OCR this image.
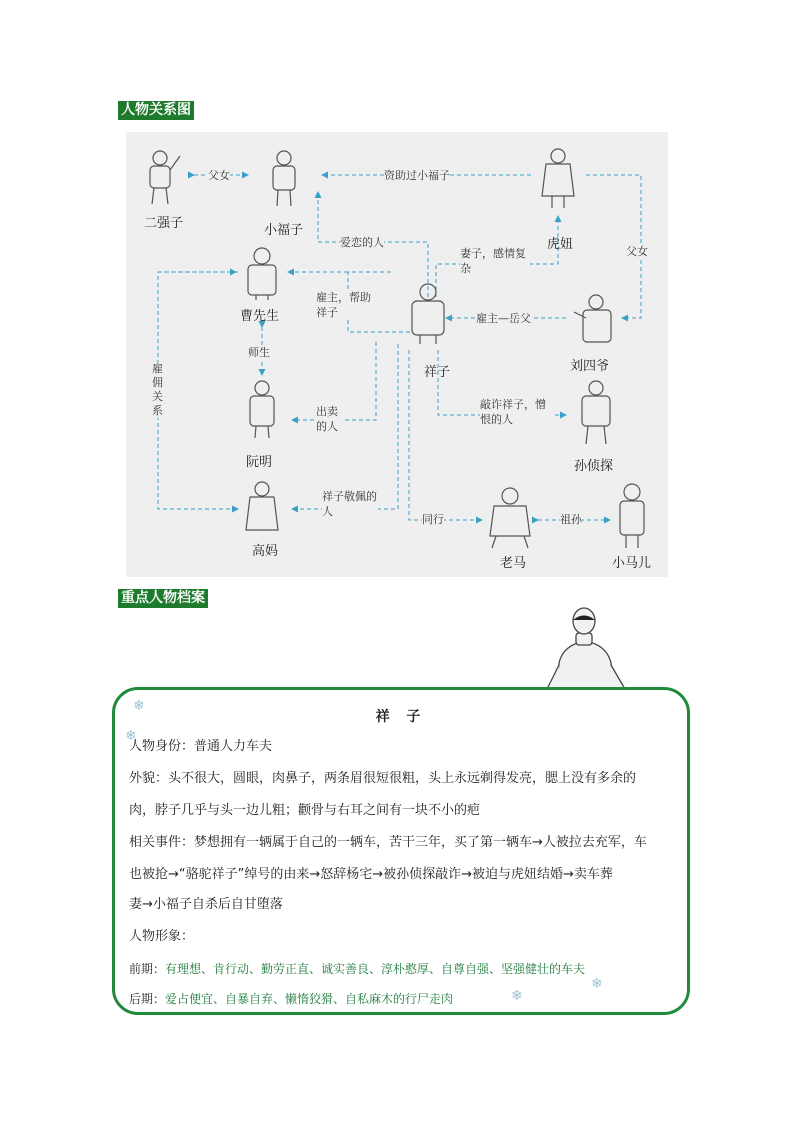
人物关系图
二强子	小福子
虎妞
曹先生
祥子	刘四爷
阮明	孙侦探
高妈
老马	小马儿
父女	资助过小福子
爱恋的人
妻子，感情复杂
父女
雇主，帮助祥子	雇主—岳父
师生
雇佣关系	出卖的人
敲诈祥子，憎恨的人
祥子敬佩的人
同行	祖孙
重点人物档案
祥 子
❄
❄
❄
❄
人物身份：普通人力车夫
外貌：头不很大，圆眼，肉鼻子，两条眉很短很粗，头上永远剃得发亮，腮上没有多余的
肉，脖子几乎与头一边儿粗；颧骨与右耳之间有一块不小的疤
相关事件：梦想拥有一辆属于自己的一辆车，苦干三年，买了第一辆车→人被拉去充军，车
也被抢→“骆驼祥子”绰号的由来→怒辞杨宅→被孙侦探敲诈→被迫与虎妞结婚→卖车葬
妻→小福子自杀后自甘堕落
人物形象：
前期：有理想、肯行动、勤劳正直、诚实善良、淳朴憨厚、自尊自强、坚强健壮的车夫
后期：爱占便宜、自暴自弃、懒惰狡猾、自私麻木的行尸走肉
